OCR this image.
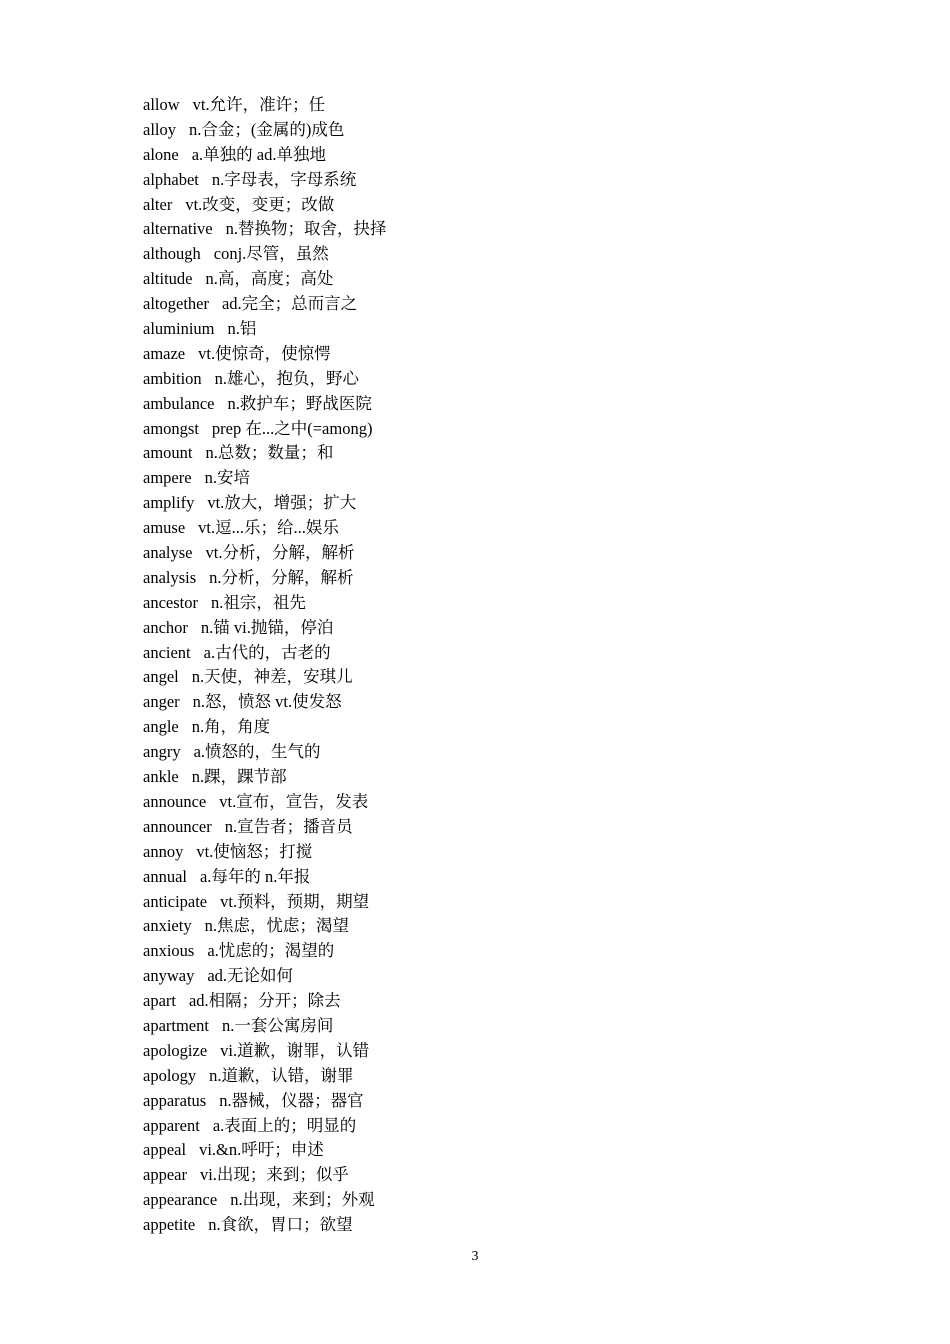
allow vt.允许，准许；任
alloy n.合金；(金属的)成色
alone a.单独的 ad.单独地
alphabet n.字母表，字母系统
alter vt.改变，变更；改做
alternative n.替换物；取舍，抉择
although conj.尽管，虽然
altitude n.高，高度；高处
altogether ad.完全；总而言之
aluminium n.铝
amaze vt.使惊奇，使惊愕
ambition n.雄心，抱负，野心
ambulance n.救护车；野战医院
amongst prep 在...之中(=among)
amount n.总数；数量；和
ampere n.安培
amplify vt.放大，增强；扩大
amuse vt.逗...乐；给...娱乐
analyse vt.分析，分解，解析
analysis n.分析，分解，解析
ancestor n.祖宗，祖先
anchor n.锚 vi.抛锚，停泊
ancient a.古代的，古老的
angel n.天使，神差，安琪儿
anger n.怒，愤怒 vt.使发怒
angle n.角，角度
angry a.愤怒的，生气的
ankle n.踝，踝节部
announce vt.宣布，宣告，发表
announcer n.宣告者；播音员
annoy vt.使恼怒；打搅
annual a.每年的 n.年报
anticipate vt.预料，预期，期望
anxiety n.焦虑，忧虑；渴望
anxious a.忧虑的；渴望的
anyway ad.无论如何
apart ad.相隔；分开；除去
apartment n.一套公寓房间
apologize vi.道歉，谢罪，认错
apology n.道歉，认错，谢罪
apparatus n.器械，仪器；器官
apparent a.表面上的；明显的
appeal vi.&n.呼吁；申述
appear vi.出现；来到；似乎
appearance n.出现，来到；外观
appetite n.食欲，胃口；欲望
3
